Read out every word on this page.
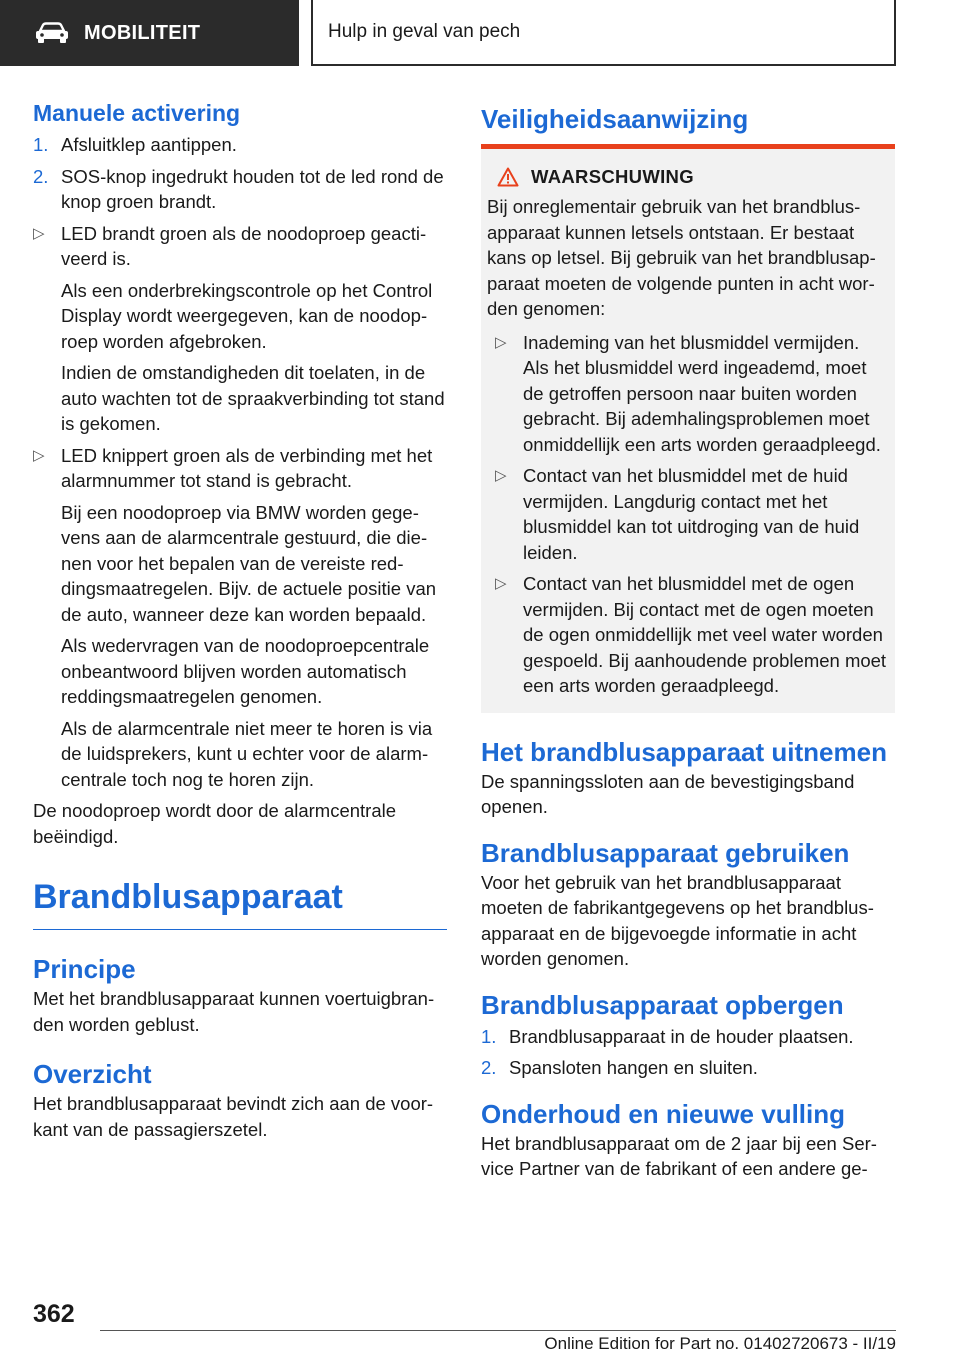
MOBILITEIT	Hulp in geval van pech
Manuele activering
1. Afsluitklep aantippen.
2. SOS-knop ingedrukt houden tot de led rond de knop groen brandt.
▷ LED brandt groen als de noodoproep geactiveerd is.

Als een onderbrekingscontrole op het Control Display wordt weergegeven, kan de noodoproep worden afgebroken.

Indien de omstandigheden dit toelaten, in de auto wachten tot de spraakverbinding tot stand is gekomen.

▷ LED knippert groen als de verbinding met het alarmnummer tot stand is gebracht.

Bij een noodoproep via BMW worden gegevens aan de alarmcentrale gestuurd, die dienen voor het bepalen van de vereiste reddingsmaatregelen. Bijv. de actuele positie van de auto, wanneer deze kan worden bepaald.

Als wedervragen van de noodoproepcentrale onbeantwoord blijven worden automatisch reddingsmaatregelen genomen.

Als de alarmcentrale niet meer te horen is via de luidsprekers, kunt u echter voor de alarmcentrale toch nog te horen zijn.

De noodoproep wordt door de alarmcentrale beëindigd.

Brandblusapparaat
Principe

Met het brandblusapparaat kunnen voertuigbranden worden geblust.

Overzicht

Het brandblusapparaat bevindt zich aan de voorkant van de passagierszetel.

Veiligheidsaanwijzing
WAARSCHUWING

Bij onreglementair gebruik van het brandblusapparaat kunnen letsels ontstaan. Er bestaat kans op letsel. Bij gebruik van het brandblusapparaat moeten de volgende punten in acht worden genomen:

▷ Inademing van het blusmiddel vermijden. Als het blusmiddel werd ingeademd, moet de getroffen persoon naar buiten worden gebracht. Bij ademhalingsproblemen moet onmiddellijk een arts worden geraadpleegd.

▷ Contact van het blusmiddel met de huid vermijden. Langdurig contact met het blusmiddel kan tot uitdroging van de huid leiden.

▷ Contact van het blusmiddel met de ogen vermijden. Bij contact met de ogen moeten de ogen onmiddellijk met veel water worden gespoeld. Bij aanhoudende problemen moet een arts worden geraadpleegd.

Het brandblusapparaat uitnemen

De spanningssloten aan de bevestigingsband openen.

Brandblusapparaat gebruiken

Voor het gebruik van het brandblusapparaat moeten de fabrikantgegevens op het brandblusapparaat en de bijgevoegde informatie in acht worden genomen.

Brandblusapparaat opbergen
1. Brandblusapparaat in de houder plaatsen.
2. Spansloten hangen en sluiten.
Onderhoud en nieuwe vulling

Het brandblusapparaat om de 2 jaar bij een Service Partner van de fabrikant of een andere ge-

362
Online Edition for Part no. 01402720673 - II/19
